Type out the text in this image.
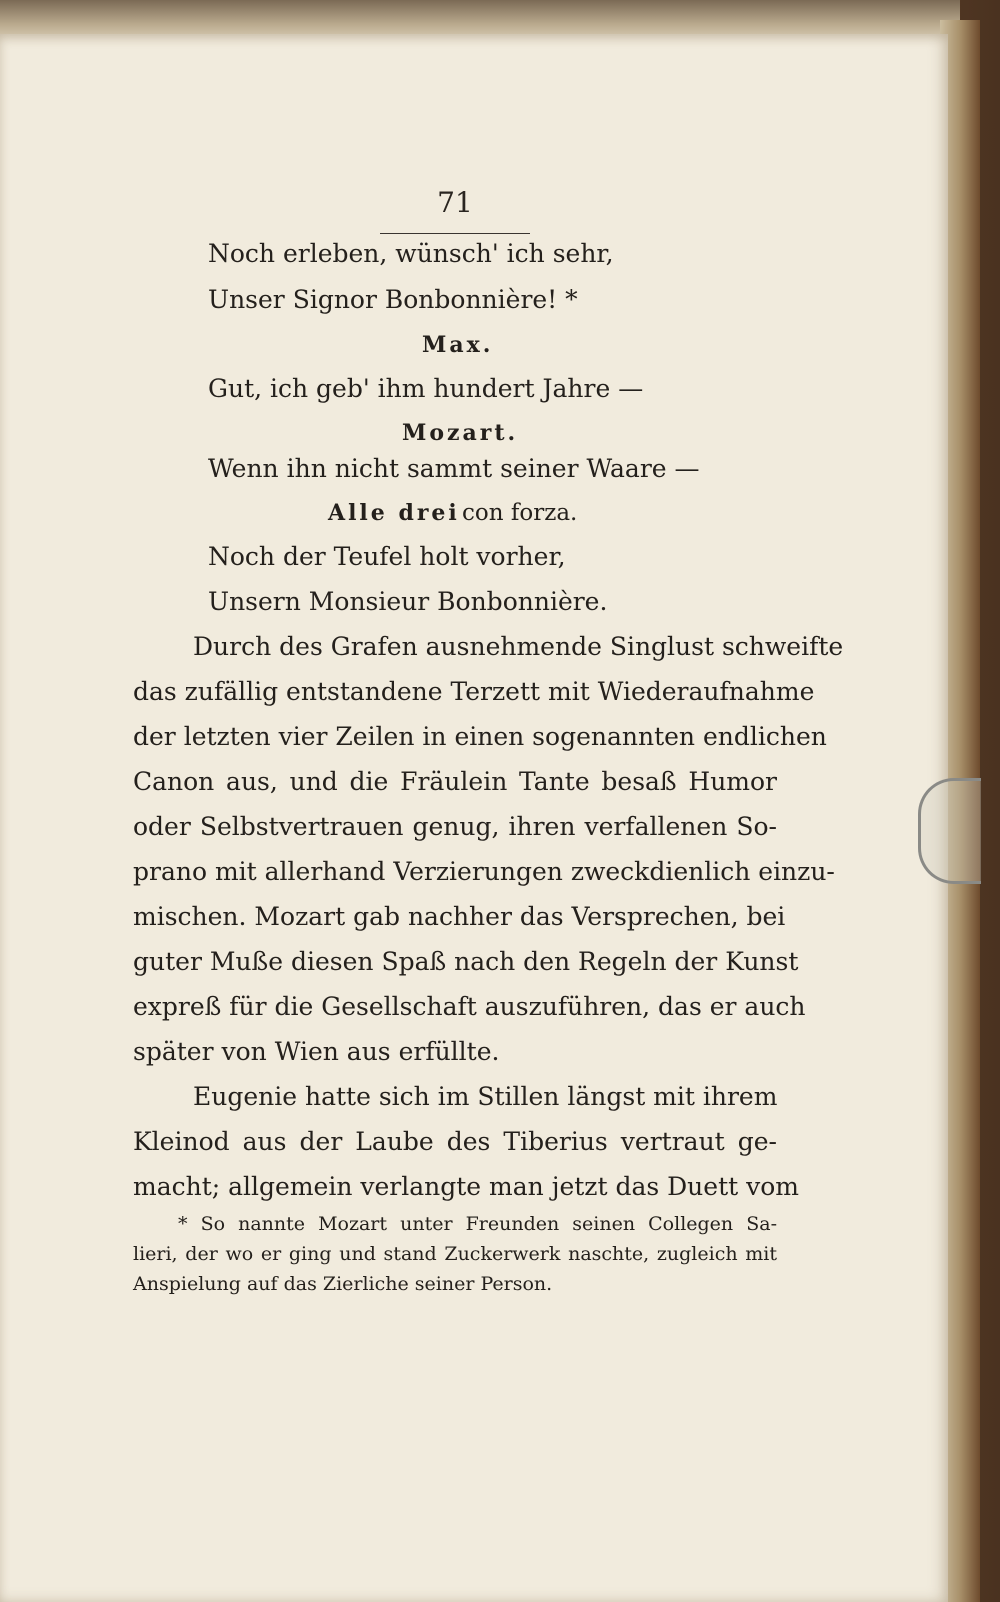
71
Noch erleben, wünsch' ich sehr,
Unser Signor Bonbonnière! *
Max.
Gut, ich geb' ihm hundert Jahre —
Mozart.
Wenn ihn nicht sammt seiner Waare —
Alle drei con forza.
Noch der Teufel holt vorher,
Unsern Monsieur Bonbonnière.
Durch des Grafen ausnehmende Singlust schweifte
das zufällig entstandene Terzett mit Wiederaufnahme
der letzten vier Zeilen in einen sogenannten endlichen
Canon aus, und die Fräulein Tante besaß Humor
oder Selbstvertrauen genug, ihren verfallenen So-
prano mit allerhand Verzierungen zweckdienlich einzu-
mischen. Mozart gab nachher das Versprechen, bei
guter Muße diesen Spaß nach den Regeln der Kunst
expreß für die Gesellschaft auszuführen, das er auch
später von Wien aus erfüllte.
Eugenie hatte sich im Stillen längst mit ihrem
Kleinod aus der Laube des Tiberius vertraut ge-
macht; allgemein verlangte man jetzt das Duett vom
* So nannte Mozart unter Freunden seinen Collegen Sa-
lieri, der wo er ging und stand Zuckerwerk naschte, zugleich mit
Anspielung auf das Zierliche seiner Person.
